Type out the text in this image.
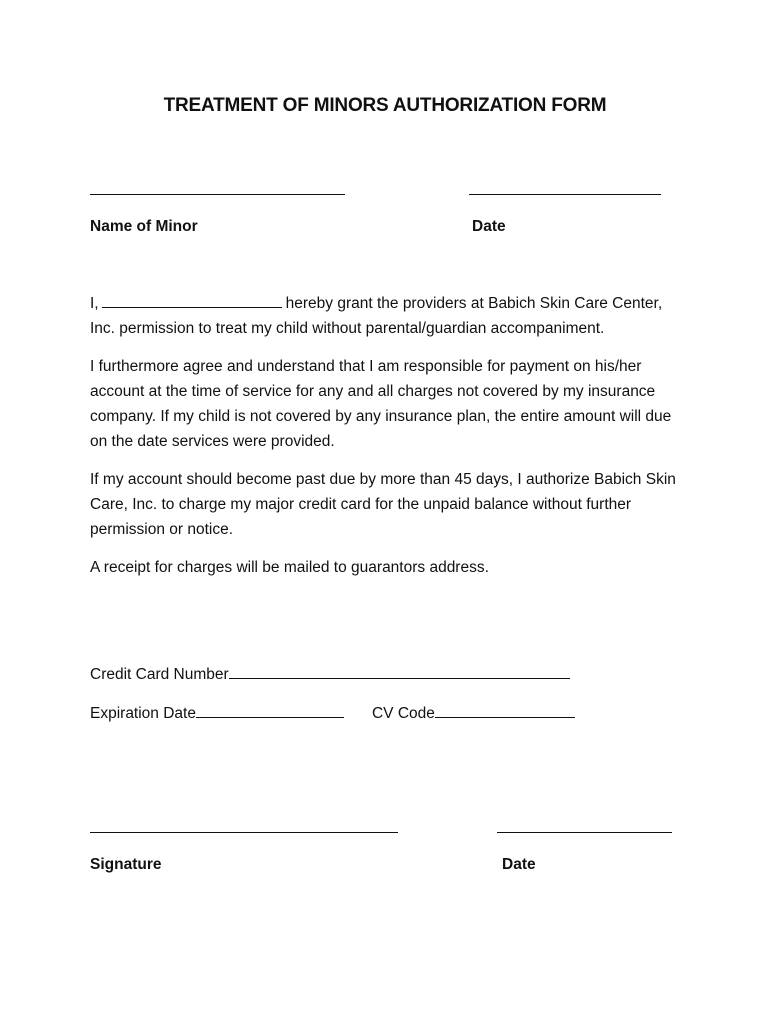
TREATMENT OF MINORS AUTHORIZATION FORM
Name of Minor	Date

I,	hereby grant the providers at Babich Skin Care Center, Inc. permission to treat my child without parental/guardian accompaniment.

I furthermore agree and understand that I am responsible for payment on his/her account at the time of service for any and all charges not covered by my insurance company. If my child is not covered by any insurance plan, the entire amount will due on the date services were provided.

If my account should become past due by more than 45 days, I authorize Babich Skin Care, Inc. to charge my major credit card for the unpaid balance without further permission or notice.

A receipt for charges will be mailed to guarantors address.

Credit Card Number
Expiration Date	CV Code
Signature	Date
